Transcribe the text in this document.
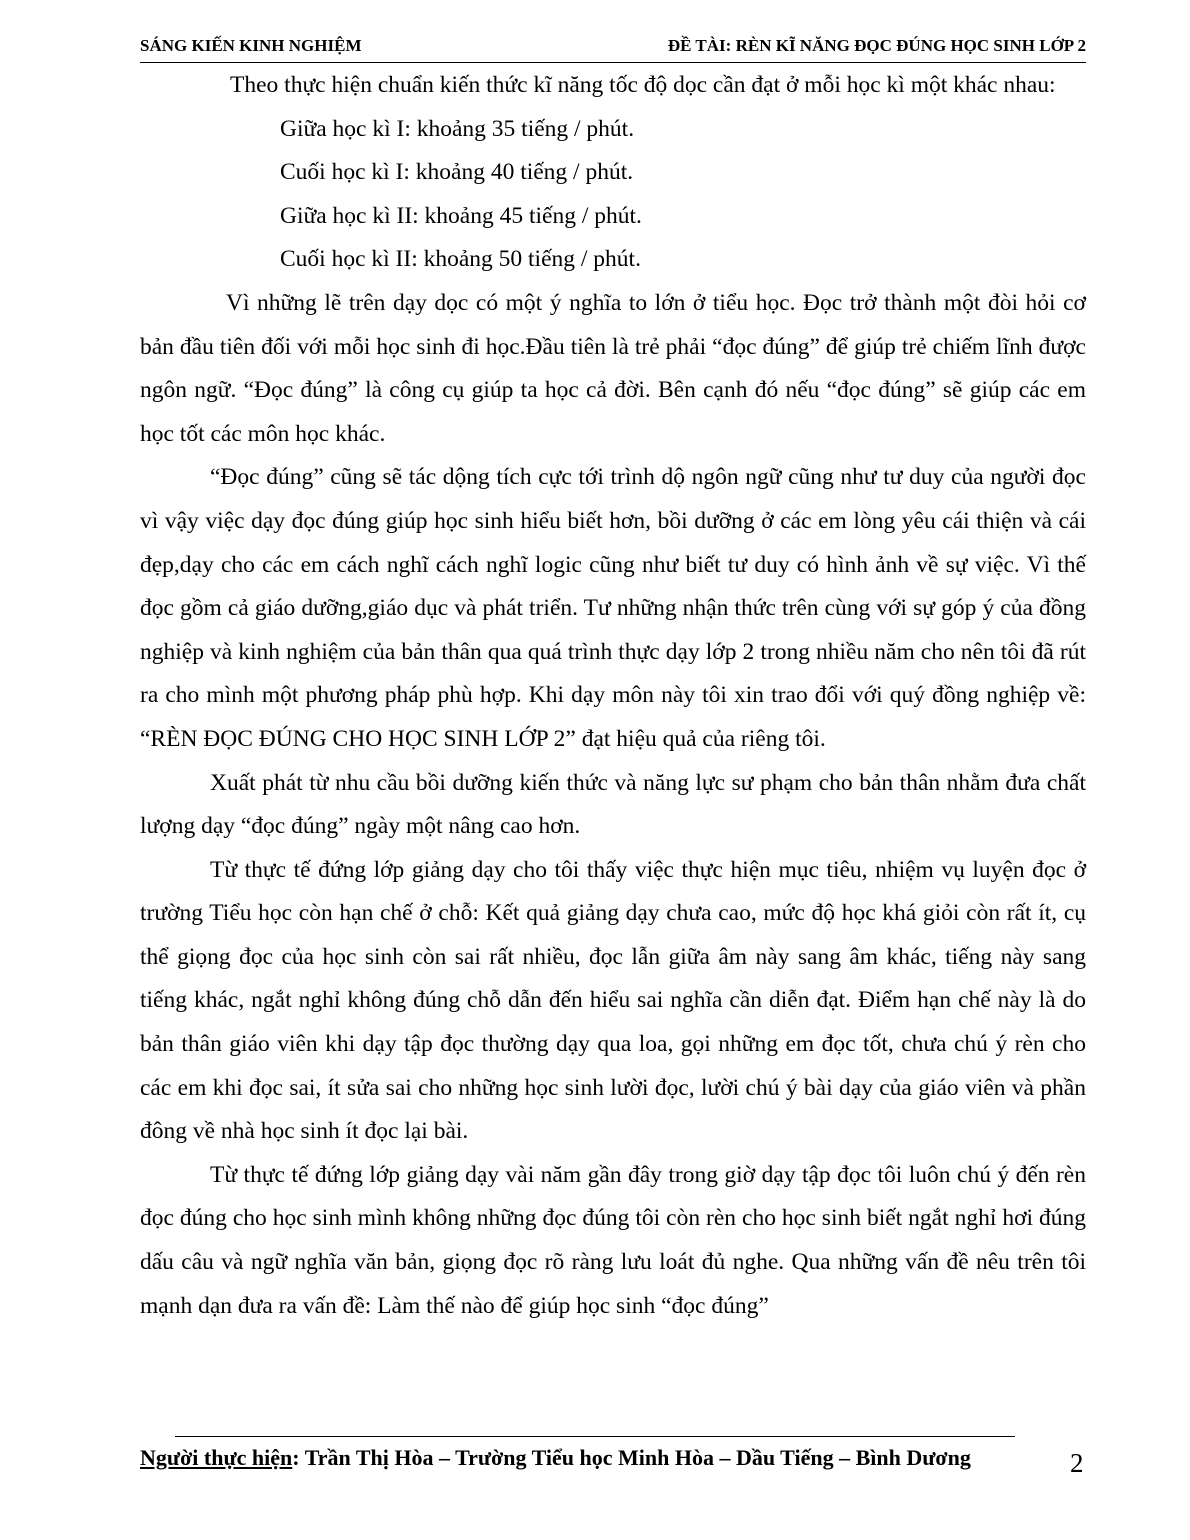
SÁNG KIẾN KINH NGHIỆM	ĐỀ TÀI: RÈN KĨ NĂNG ĐỌC ĐÚNG HỌC SINH LỚP 2

Theo thực hiện chuẩn kiến thức kĩ năng tốc độ dọc cần đạt ở mỗi học kì một khác nhau:

Giữa học kì I: khoảng 35 tiếng / phút.

Cuối học kì I: khoảng 40 tiếng / phút.

Giữa học kì II: khoảng 45 tiếng / phút.

Cuối học kì II: khoảng 50 tiếng / phút.

Vì những lẽ trên dạy dọc có một ý nghĩa to lớn ở tiểu học. Đọc trở thành một đòi hỏi cơ bản đầu tiên đối với mỗi học sinh đi học.Đầu tiên là trẻ phải “đọc đúng” để giúp trẻ chiếm lĩnh được ngôn ngữ. “Đọc đúng” là công cụ giúp ta học cả đời. Bên cạnh đó nếu “đọc đúng” sẽ giúp các em học tốt các môn học khác.

“Đọc đúng” cũng sẽ tác dộng tích cực tới trình dộ ngôn ngữ cũng như tư duy của người đọc vì vậy việc dạy đọc đúng giúp học sinh hiểu biết hơn, bồi dưỡng ở các em lòng yêu cái thiện và cái đẹp,dạy cho các em cách nghĩ cách nghĩ logic cũng như biết tư duy có hình ảnh về sự việc. Vì thế đọc gồm cả giáo dưỡng,giáo dục và phát triển. Tư những nhận thức trên cùng với sự góp ý của đồng nghiệp và kinh nghiệm của bản thân qua quá trình thực dạy lớp 2 trong nhiều năm cho nên tôi đã rút ra cho mình một phương pháp phù hợp. Khi dạy môn này tôi xin trao đổi với quý đồng nghiệp về: “RÈN ĐỌC ĐÚNG CHO HỌC SINH LỚP 2” đạt hiệu quả của riêng tôi.

Xuất phát từ nhu cầu bồi dưỡng kiến thức và năng lực sư phạm cho bản thân nhằm đưa chất lượng dạy “đọc đúng” ngày một nâng cao hơn.

Từ thực tế đứng lớp giảng dạy cho tôi thấy việc thực hiện mục tiêu, nhiệm vụ luyện đọc ở trường Tiểu học còn hạn chế ở chỗ: Kết quả giảng dạy chưa cao, mức độ học khá giỏi còn rất ít, cụ thể giọng đọc của học sinh còn sai rất nhiều, đọc lẫn giữa âm này sang âm khác, tiếng này sang tiếng khác, ngắt nghỉ không đúng chỗ dẫn đến hiểu sai nghĩa cần diễn đạt. Điểm hạn chế này là do bản thân giáo viên khi dạy tập đọc thường dạy qua loa, gọi những em đọc tốt, chưa chú ý rèn cho các em khi đọc sai, ít sửa sai cho những học sinh lười đọc, lười chú ý bài dạy của giáo viên và phần đông về nhà học sinh ít đọc lại bài.

Từ thực tế đứng lớp giảng dạy vài năm gần đây trong giờ dạy tập đọc tôi luôn chú ý đến rèn đọc đúng cho học sinh mình không những đọc đúng tôi còn rèn cho học sinh biết ngắt nghỉ hơi đúng dấu câu và ngữ nghĩa văn bản, giọng đọc rõ ràng lưu loát đủ nghe. Qua những vấn đề nêu trên tôi mạnh dạn đưa ra vấn đề: Làm thế nào để giúp học sinh “đọc đúng”

Người thực hiện: Trần Thị Hòa – Trường Tiểu học Minh Hòa – Dầu Tiếng – Bình Dương	2
